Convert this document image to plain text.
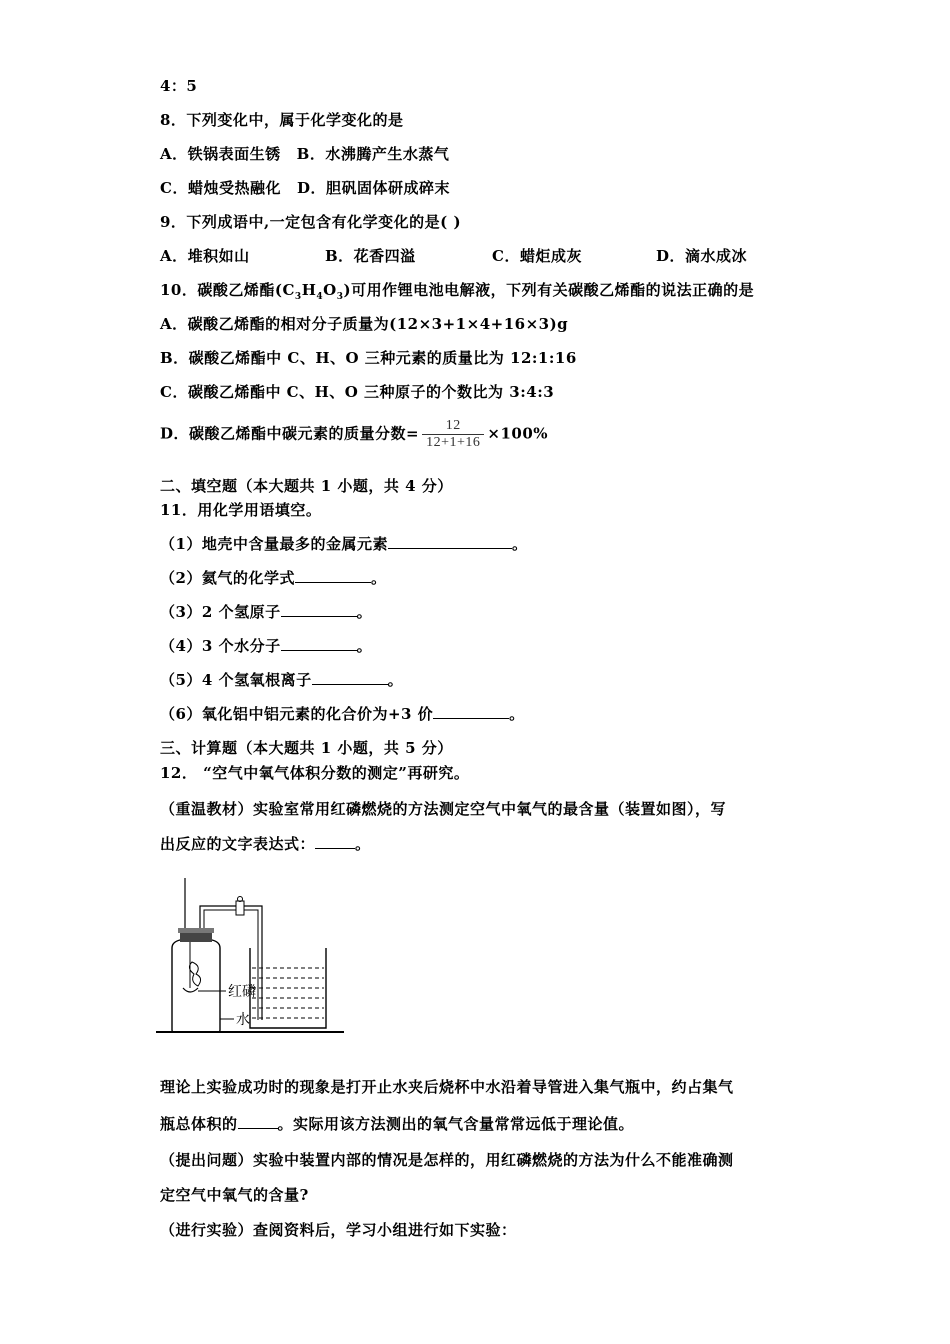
4：5
8．下列变化中，属于化学变化的是
A．铁锅表面生锈 B．水沸腾产生水蒸气
C．蜡烛受热融化 D．胆矾固体研成碎末
9．下列成语中,一定包含有化学变化的是( )
A．堆积如山	B．花香四溢	C．蜡炬成灰	D．滴水成冰
10．碳酸乙烯酯$(C_3H_4O_3)$可用作锂电池电解液，下列有关碳酸乙烯酯的说法正确的是
A．碳酸乙烯酯的相对分子质量为(12×3+1×4+16×3)g
B．碳酸乙烯酯中 C、H、O 三种元素的质量比为 12:1:16
C．碳酸乙烯酯中 C、H、O 三种原子的个数比为 3:4:3
D．碳酸乙烯酯中碳元素的质量分数= $\frac{12}{12+1+16} \times 100\%$
二、填空题（本大题共 1 小题，共 4 分）
11．用化学用语填空。
（1）地壳中含量最多的金属元素	。
（2）氦气的化学式	。
（3）2 个氢原子	。
（4）3 个水分子	。
（5）4 个氢氧根离子	。
（6）氧化铝中铝元素的化合价为+3 价	。
三、计算题（本大题共 1 小题，共 5 分）
12． “空气中氧气体积分数的测定”再研究。
（重温教材）实验室常用红磷燃烧的方法测定空气中氧气的最含量（装置如图），写
出反应的文字表达式：	。
红磷
水
理论上实验成功时的现象是打开止水夹后烧杯中水沿着导管进入集气瓶中，约占集气
瓶总体积的	。实际用该方法测出的氧气含量常常远低于理论值。
（提出问题）实验中装置内部的情况是怎样的，用红磷燃烧的方法为什么不能准确测
定空气中氧气的含量?
（进行实验）查阅资料后，学习小组进行如下实验：
